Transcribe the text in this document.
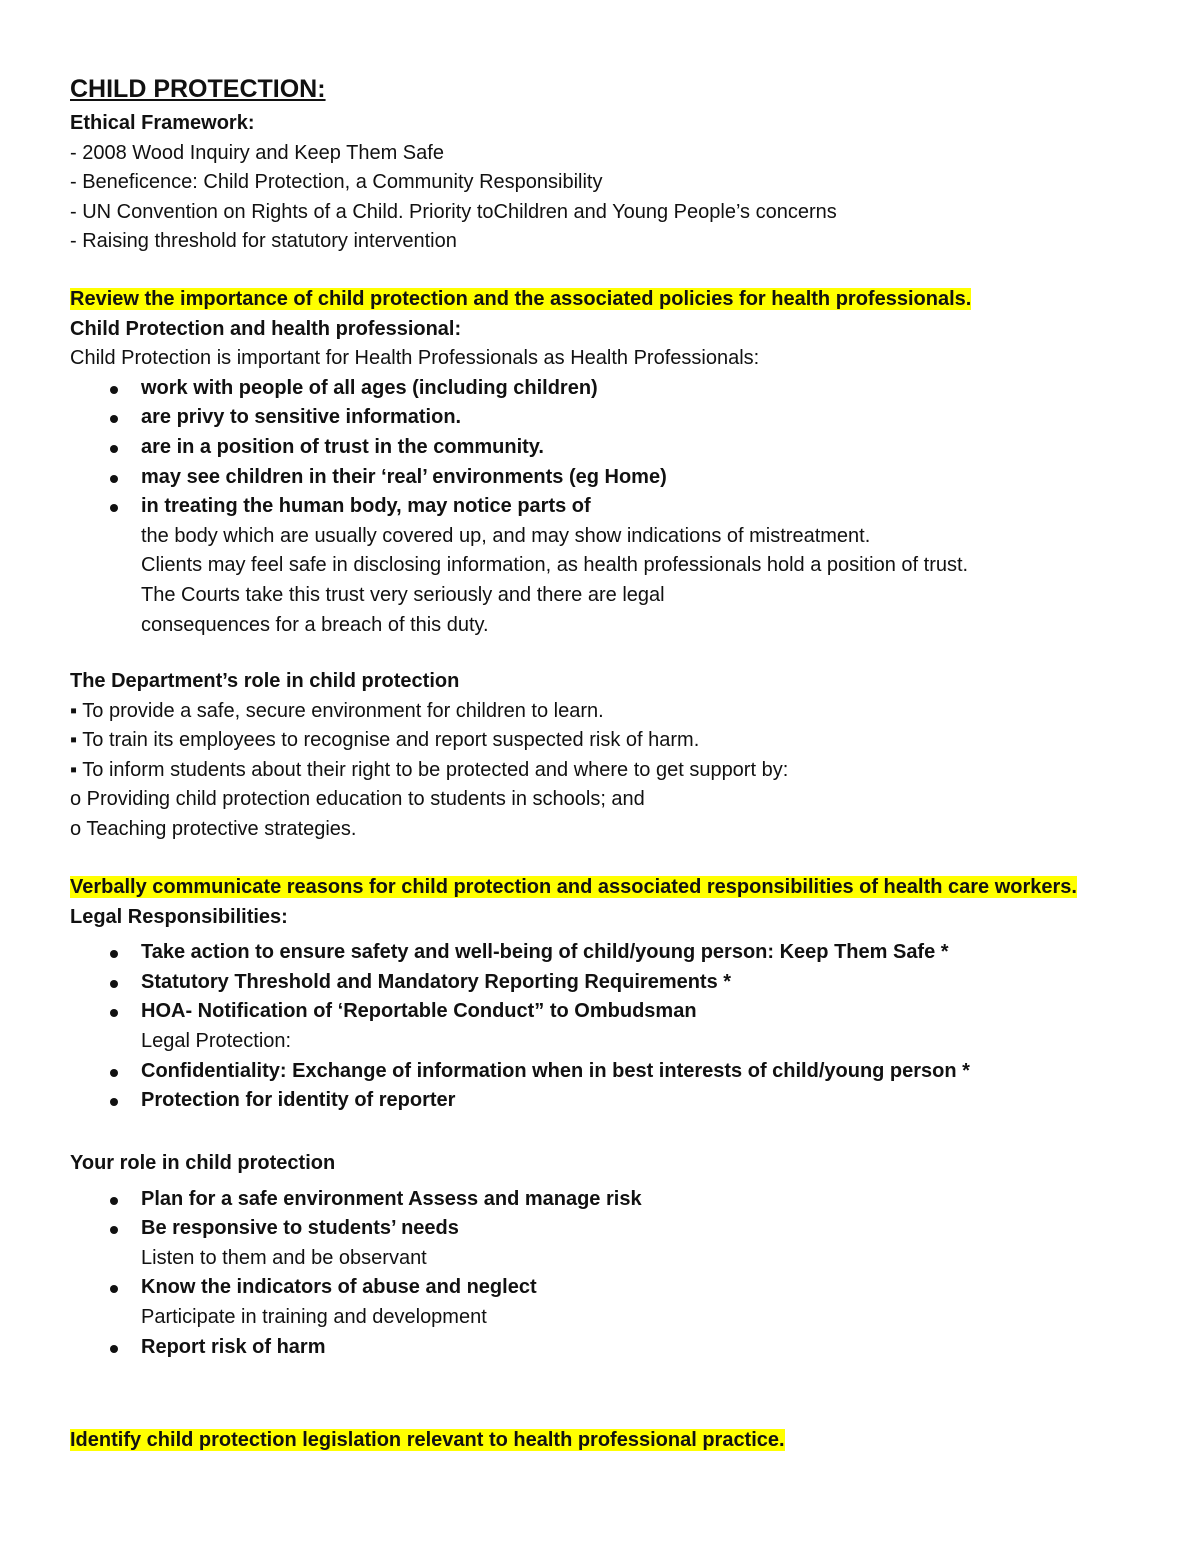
CHILD PROTECTION:
Ethical Framework:
- 2008 Wood Inquiry and Keep Them Safe
- Beneficence: Child Protection, a Community Responsibility
- UN Convention on Rights of a Child. Priority toChildren and Young People’s concerns
- Raising threshold for statutory intervention
Review the importance of child protection and the associated policies for health professionals.
Child Protection and health professional:
Child Protection is important for Health Professionals as Health Professionals:
work with people of all ages (including children)
are privy to sensitive information.
are in a position of trust in the community.
may see children in their ‘real’ environments (eg Home)
in treating the human body, may notice parts of
the body which are usually covered up, and may show indications of mistreatment.
Clients may feel safe in disclosing information, as health professionals hold a position of trust.
The Courts take this trust very seriously and there are legal
consequences for a breach of this duty.
The Department’s role in child protection
▪ To provide a safe, secure environment for children to learn.
▪ To train its employees to recognise and report suspected risk of harm.
▪ To inform students about their right to be protected and where to get support by:
o Providing child protection education to students in schools; and
o Teaching protective strategies.
Verbally communicate reasons for child protection and associated responsibilities of health care workers.
Legal Responsibilities:
Take action to ensure safety and well-being of child/young person: Keep Them Safe *
Statutory Threshold and Mandatory Reporting Requirements *
HOA- Notification of ‘Reportable Conduct” to Ombudsman
Legal Protection:
Confidentiality: Exchange of information when in best interests of child/young person *
Protection for identity of reporter
Your role in child protection
Plan for a safe environment Assess and manage risk
Be responsive to students’ needs
Listen to them and be observant
Know the indicators of abuse and neglect
Participate in training and development
Report risk of harm
Identify child protection legislation relevant to health professional practice.
